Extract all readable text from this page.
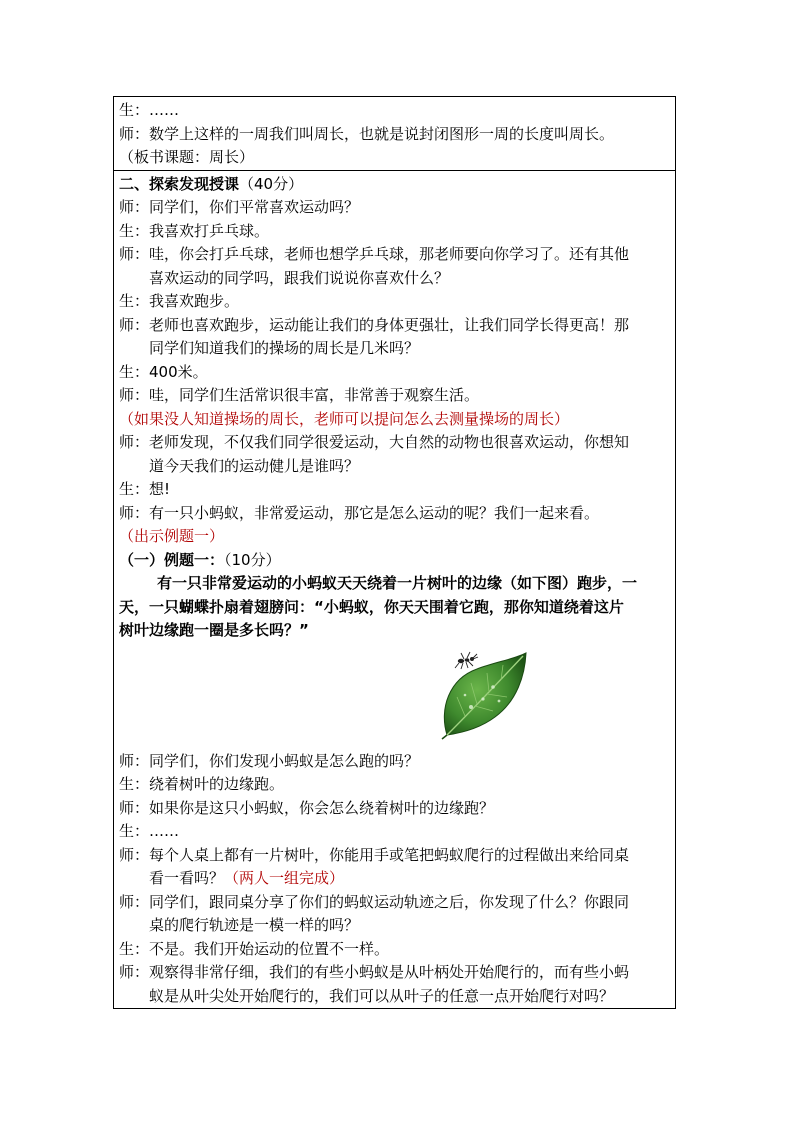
生：……
师：数学上这样的一周我们叫周长，也就是说封闭图形一周的长度叫周长。
（板书课题：周长）
二、探索发现授课（40分）
师：同学们，你们平常喜欢运动吗？
生：我喜欢打乒乓球。
师：哇，你会打乒乓球，老师也想学乒乓球，那老师要向你学习了。还有其他
喜欢运动的同学吗，跟我们说说你喜欢什么？
生：我喜欢跑步。
师：老师也喜欢跑步，运动能让我们的身体更强壮，让我们同学长得更高！那
同学们知道我们的操场的周长是几米吗？
生：400米。
师：哇，同学们生活常识很丰富，非常善于观察生活。
（如果没人知道操场的周长，老师可以提问怎么去测量操场的周长）
师：老师发现，不仅我们同学很爱运动，大自然的动物也很喜欢运动，你想知
道今天我们的运动健儿是谁吗？
生：想!
师：有一只小蚂蚁，非常爱运动，那它是怎么运动的呢？我们一起来看。
（出示例题一）
（一）例题一：（10分）
有一只非常爱运动的小蚂蚁天天绕着一片树叶的边缘（如下图）跑步，一
天，一只蝴蝶扑扇着翅膀问：“小蚂蚁，你天天围着它跑，那你知道绕着这片
树叶边缘跑一圈是多长吗？”
师：同学们，你们发现小蚂蚁是怎么跑的吗？
生：绕着树叶的边缘跑。
师：如果你是这只小蚂蚁，你会怎么绕着树叶的边缘跑？
生：……
师：每个人桌上都有一片树叶，你能用手或笔把蚂蚁爬行的过程做出来给同桌
看一看吗？（两人一组完成）
师：同学们，跟同桌分享了你们的蚂蚁运动轨迹之后，你发现了什么？你跟同
桌的爬行轨迹是一模一样的吗？
生：不是。我们开始运动的位置不一样。
师：观察得非常仔细，我们的有些小蚂蚁是从叶柄处开始爬行的，而有些小蚂
蚁是从叶尖处开始爬行的，我们可以从叶子的任意一点开始爬行对吗？
